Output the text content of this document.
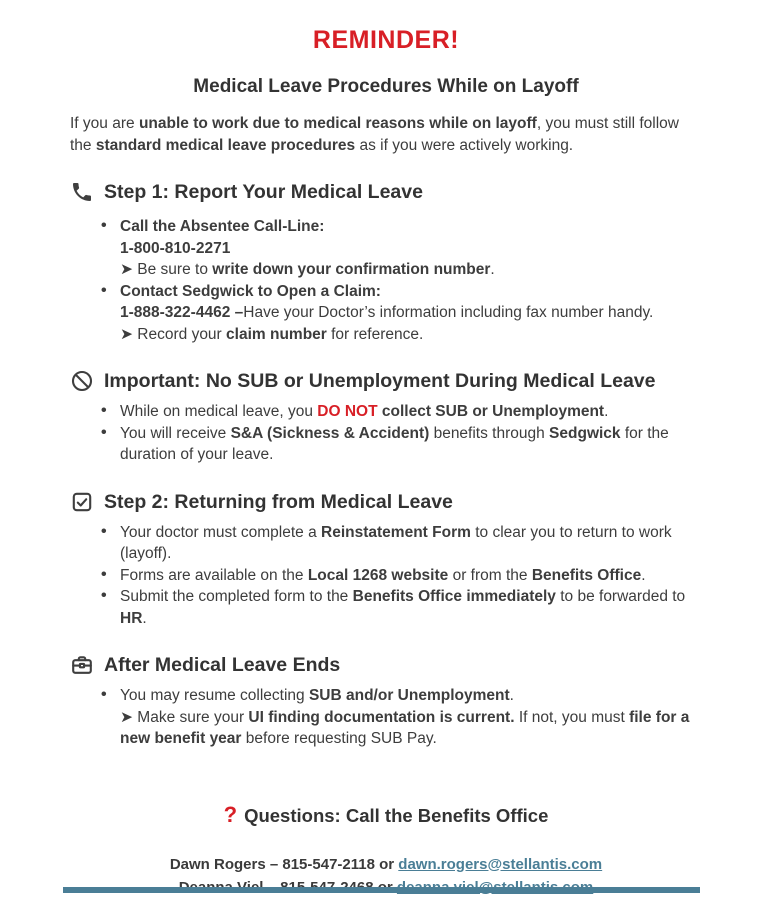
REMINDER!
Medical Leave Procedures While on Layoff
If you are unable to work due to medical reasons while on layoff, you must still follow the standard medical leave procedures as if you were actively working.
Step 1: Report Your Medical Leave
• Call the Absentee Call-Line:
1-800-810-2271
➤ Be sure to write down your confirmation number.
• Contact Sedgwick to Open a Claim:
1-888-322-4462 –Have your Doctor’s information including fax number handy.
➤ Record your claim number for reference.
Important: No SUB or Unemployment During Medical Leave
• While on medical leave, you DO NOT collect SUB or Unemployment.
• You will receive S&A (Sickness & Accident) benefits through Sedgwick for the duration of your leave.
Step 2: Returning from Medical Leave
• Your doctor must complete a Reinstatement Form to clear you to return to work (layoff).
• Forms are available on the Local 1268 website or from the Benefits Office.
• Submit the completed form to the Benefits Office immediately to be forwarded to HR.
After Medical Leave Ends
• You may resume collecting SUB and/or Unemployment.
➤ Make sure your UI finding documentation is current. If not, you must file for a new benefit year before requesting SUB Pay.
? Questions: Call the Benefits Office
Dawn Rogers – 815-547-2118 or dawn.rogers@stellantis.com
